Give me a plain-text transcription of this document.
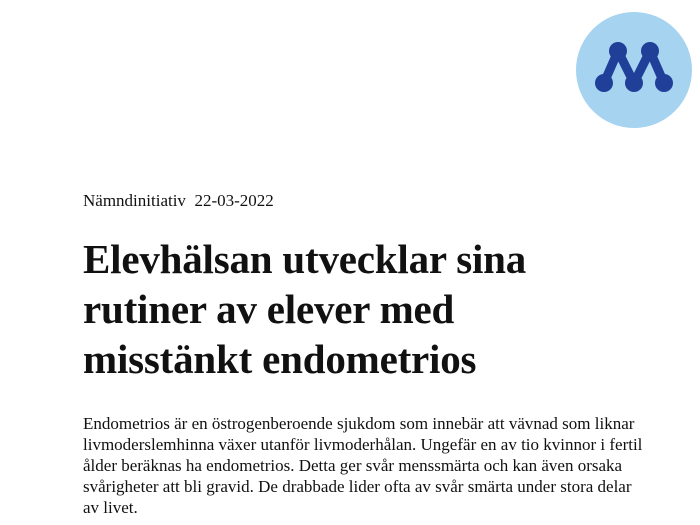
Nämndinitiativ 22-03-2022
Elevhälsan utvecklar sina
rutiner av elever med
misstänkt endometrios

Endometrios är en östrogenberoende sjukdom som innebär att vävnad som liknar
livmoderslemhinna växer utanför livmoderhålan. Ungefär en av tio kvinnor i fertil
ålder beräknas ha endometrios. Detta ger svår menssmärta och kan även orsaka
svårigheter att bli gravid. De drabbade lider ofta av svår smärta under stora delar
av livet.
